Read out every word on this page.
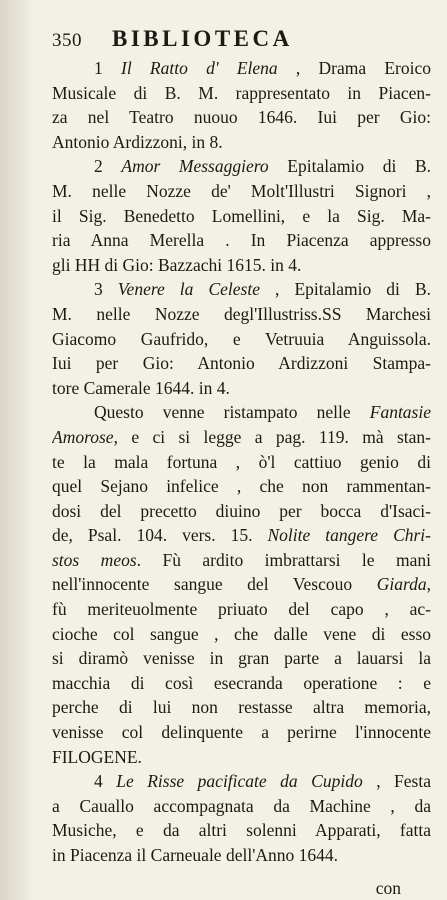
350 BIBLIOTECA
1 Il Ratto d' Elena , Drama Eroico
Musicale di B. M. rappresentato in Piacen-
za nel Teatro nuouo 1646. Iui per Gio:
Antonio Ardizzoni, in 8.
2 Amor Messaggiero Epitalamio di B.
M. nelle Nozze de' Molt'Illustri Signori ,
il Sig. Benedetto Lomellini, e la Sig. Ma-
ria Anna Merella . In Piacenza appresso
gli HH di Gio: Bazzachi 1615. in 4.
3 Venere la Celeste , Epitalamio di B.
M. nelle Nozze degl'Illustriss.SS Marchesi
Giacomo Gaufrido, e Vetruuia Anguissola.
Iui per Gio: Antonio Ardizzoni Stampa-
tore Camerale 1644. in 4.
Questo venne ristampato nelle Fantasie
Amorose, e ci si legge a pag. 119. mà stan-
te la mala fortuna , ò'l cattiuo genio di
quel Sejano infelice , che non rammentan-
dosi del precetto diuino per bocca d'Isaci-
de, Psal. 104. vers. 15. Nolite tangere Chri-
stos meos. Fù ardito imbrattarsi le mani
nell'innocente sangue del Vescouo Giarda,
fù meriteuolmente priuato del capo , ac-
cioche col sangue , che dalle vene di esso
si diramò venisse in gran parte a lauarsi la
macchia di così esecranda operatione : e
perche di lui non restasse altra memoria,
venisse col delinquente a perirne l'innocente
FILOGENE.
4 Le Risse pacificate da Cupido , Festa
a Cauallo accompagnata da Machine , da
Musiche, e da altri solenni Apparati, fatta
in Piacenza il Carneuale dell'Anno 1644.
con
